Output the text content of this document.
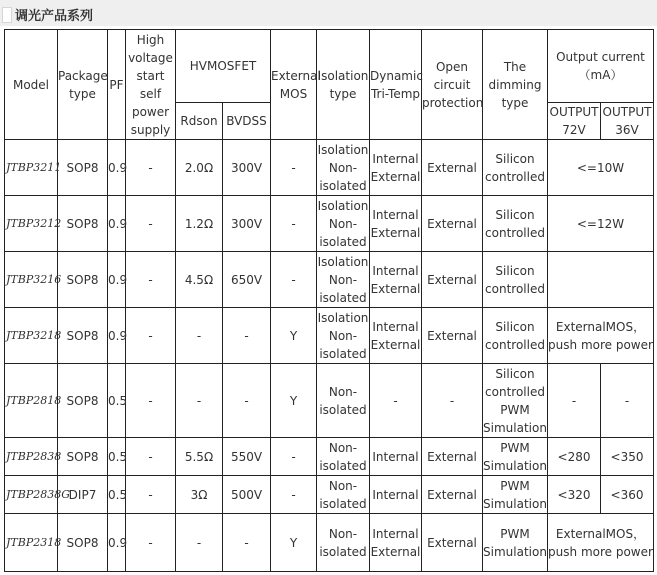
调光产品系列
Model	Package type	PF	High voltage start self power supply	HVMOSFET		External MOS	Isolation type	Dynamic Tri-Temp	Open circuit protection	The dimming type	Output current（mA）	
				Rdson	BVDSS						OUTPUT 72V	OUTPUT 36V
JTBP3211	SOP8	0.9	-	2.0Ω	300V	-	Isolation Non-isolated	Internal External	External	Silicon controlled	<=10W	
JTBP3212	SOP8	0.9	-	1.2Ω	300V	-	Isolation Non-isolated	Internal External	External	Silicon controlled	<=12W	
JTBP3216	SOP8	0.9	-	4.5Ω	650V	-	Isolation Non-isolated	Internal External	External	Silicon controlled		
JTBP3218	SOP8	0.9	-	-	-	Y	Isolation Non-isolated	Internal External	External	Silicon controlled	ExternalMOS，push more power	
JTBP2818	SOP8	0.5	-	-	-	Y	Non-isolated	-	-	Silicon controlled PWM Simulation	-	-
JTBP2838	SOP8	0.5	-	5.5Ω	550V	-	Non-isolated	Internal	External	PWM Simulation	<280	<350
JTBP2838G	DIP7	0.5	-	3Ω	500V	-	Non-isolated	Internal	External	PWM Simulation	<320	<360
JTBP2318	SOP8	0.9	-	-	-	Y	Non-isolated	Internal External	External	PWM Simulation	ExternalMOS，push more power	
